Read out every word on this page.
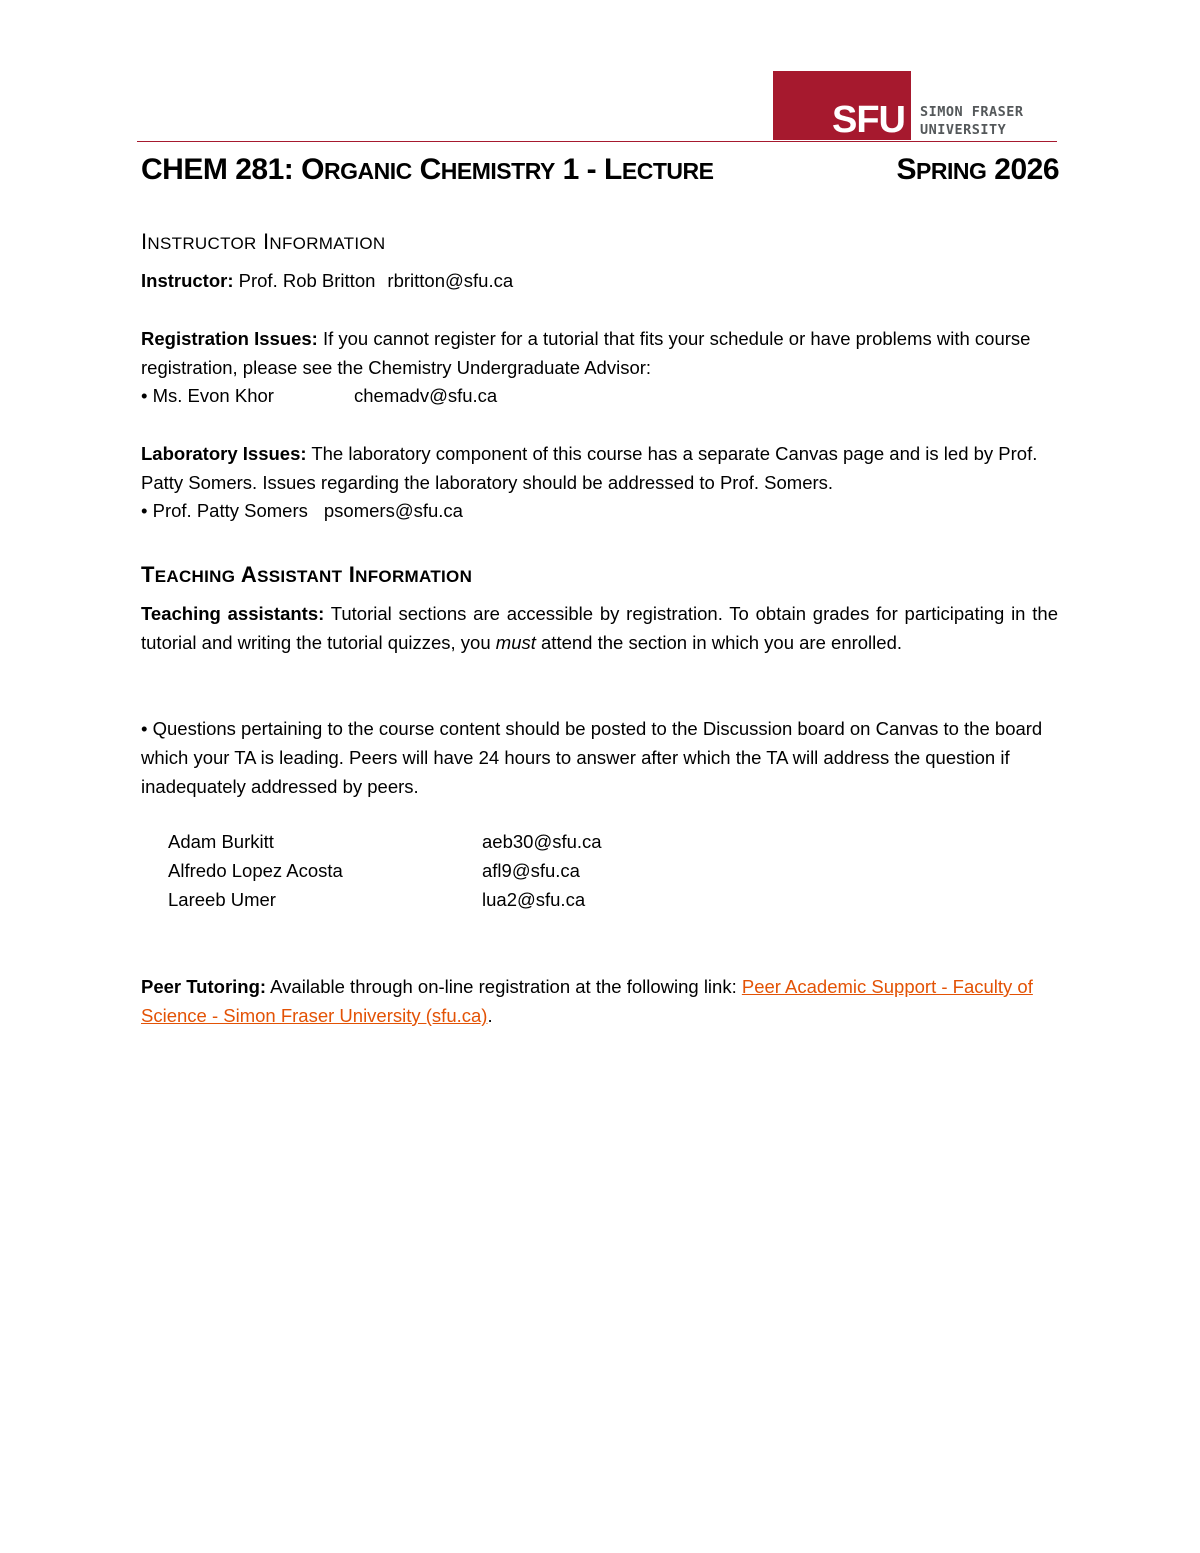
SFU SIMON FRASER
UNIVERSITY
CHEM 281: ORGANIC CHEMISTRY 1 - LECTURE	SPRING 2026
INSTRUCTOR INFORMATION
Instructor: Prof. Rob Britton rbritton@sfu.ca
Registration Issues: If you cannot register for a tutorial that fits your schedule or have problems with course registration, please see the Chemistry Undergraduate Advisor:
• Ms. Evon Khor	chemadv@sfu.ca
Laboratory Issues: The laboratory component of this course has a separate Canvas page and is led by Prof. Patty Somers. Issues regarding the laboratory should be addressed to Prof. Somers.
• Prof. Patty Somers psomers@sfu.ca
TEACHING ASSISTANT INFORMATION
Teaching assistants: Tutorial sections are accessible by registration. To obtain grades for participating in the tutorial and writing the tutorial quizzes, you must attend the section in which you are enrolled.
• Questions pertaining to the course content should be posted to the Discussion board on Canvas to the board which your TA is leading. Peers will have 24 hours to answer after which the TA will address the question if inadequately addressed by peers.
Adam Burkitt	aeb30@sfu.ca
Alfredo Lopez Acosta	afl9@sfu.ca
Lareeb Umer	lua2@sfu.ca
Peer Tutoring: Available through on-line registration at the following link: Peer Academic Support - Faculty of Science - Simon Fraser University (sfu.ca).
